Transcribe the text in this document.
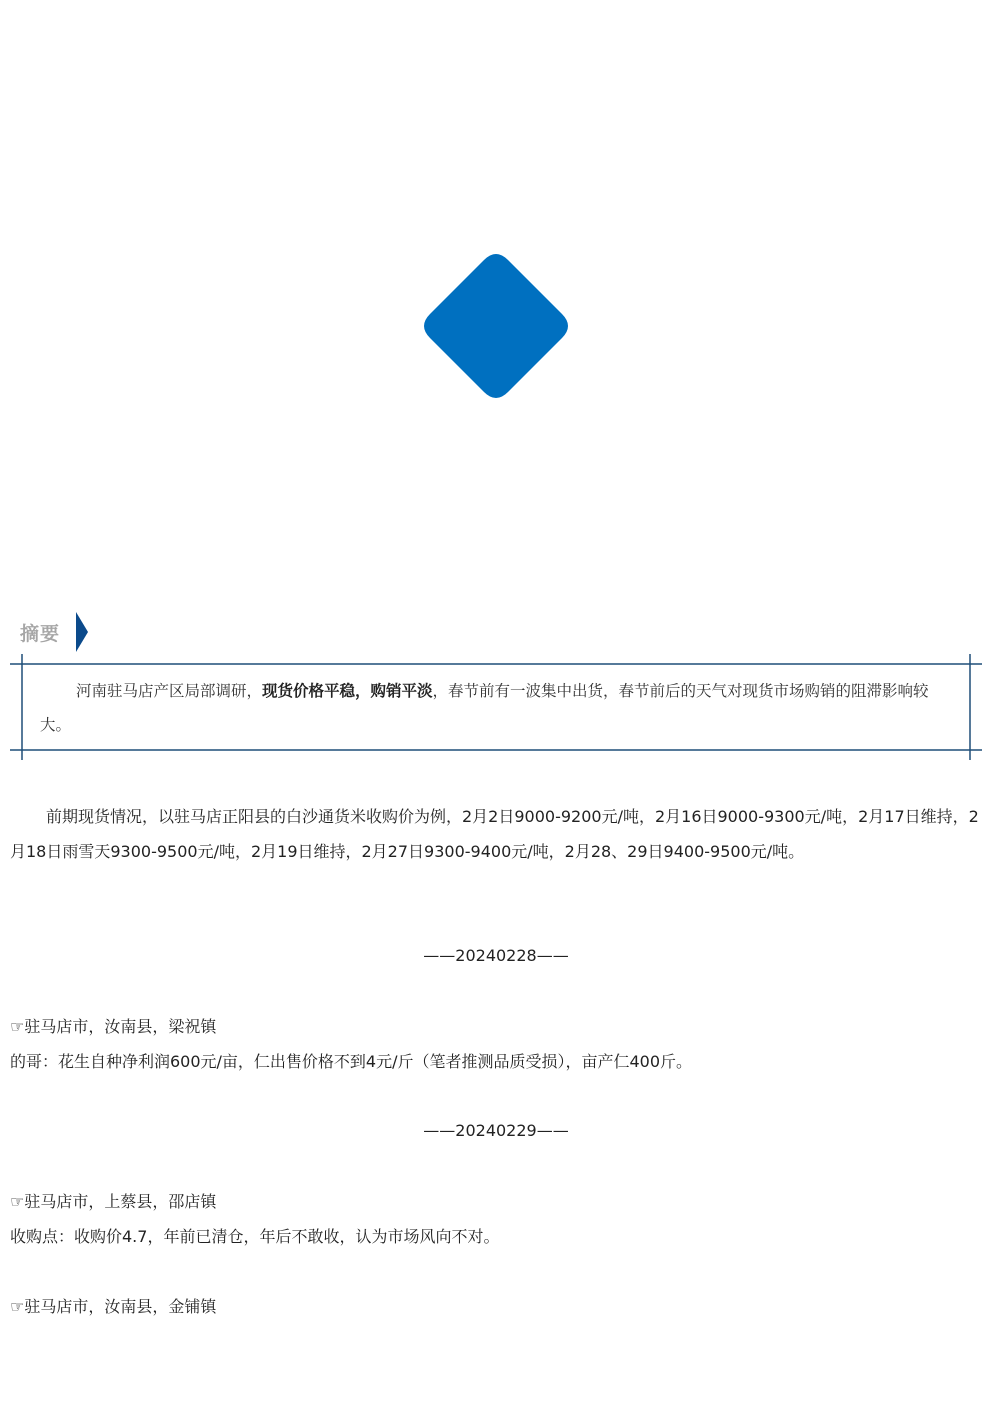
摘要
河南驻马店产区局部调研，现货价格平稳，购销平淡，春节前有一波集中出货，春节前后的天气对现货市场购销的阻滞影响较大。
前期现货情况，以驻马店正阳县的白沙通货米收购价为例，2月2日9000-9200元/吨，2月16日9000-9300元/吨，2月17日维持，2月18日雨雪天9300-9500元/吨，2月19日维持，2月27日9300-9400元/吨，2月28、29日9400-9500元/吨。
——20240228——
☞驻马店市，汝南县，梁祝镇
的哥：花生自种净利润600元/亩，仁出售价格不到4元/斤（笔者推测品质受损），亩产仁400斤。
——20240229——
☞驻马店市，上蔡县，邵店镇
收购点：收购价4.7，年前已清仓，年后不敢收，认为市场风向不对。
☞驻马店市，汝南县，金铺镇
